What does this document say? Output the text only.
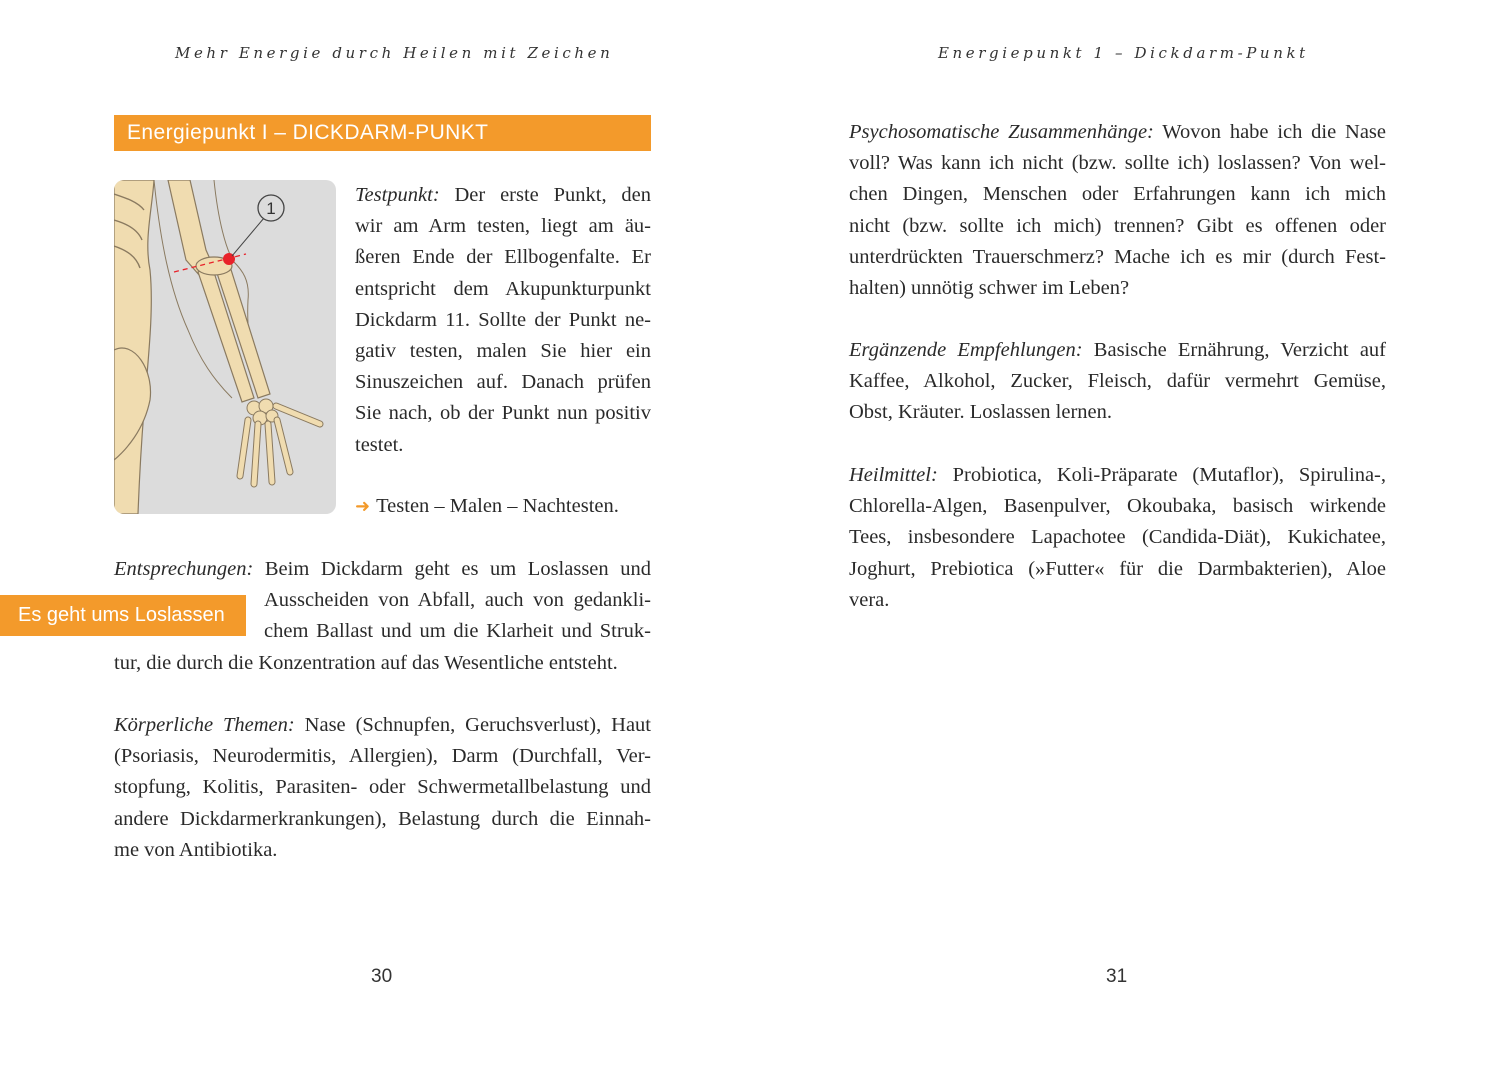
Mehr Energie durch Heilen mit Zeichen
Energiepunkt I – DICKDARM-PUNKT
1
Testpunkt: Der erste Punkt, den
wir am Arm testen, liegt am äu-
ßeren Ende der Ellbogenfalte. Er
entspricht dem Akupunkturpunkt
Dickdarm 11. Sollte der Punkt ne-
gativ testen, malen Sie hier ein
Sinuszeichen auf. Danach prüfen
Sie nach, ob der Punkt nun positiv
testet.
➜ Testen – Malen – Nachtesten.
Entsprechungen: Beim Dickdarm geht es um Loslassen und
Ausscheiden von Abfall, auch von gedankli-
chem Ballast und um die Klarheit und Struk-
tur, die durch die Konzentration auf das Wesentliche entsteht.
Es geht ums Loslassen
Körperliche Themen: Nase (Schnupfen, Geruchsverlust), Haut
(Psoriasis, Neurodermitis, Allergien), Darm (Durchfall, Ver-
stopfung, Kolitis, Parasiten- oder Schwermetallbelastung und
andere Dickdarmerkrankungen), Belastung durch die Einnah-
me von Antibiotika.
30
Energiepunkt 1 – Dickdarm-Punkt
Psychosomatische Zusammenhänge: Wovon habe ich die Nase
voll? Was kann ich nicht (bzw. sollte ich) loslassen? Von wel-
chen Dingen, Menschen oder Erfahrungen kann ich mich
nicht (bzw. sollte ich mich) trennen? Gibt es offenen oder
unterdrückten Trauerschmerz? Mache ich es mir (durch Fest-
halten) unnötig schwer im Leben?
Ergänzende Empfehlungen: Basische Ernährung, Verzicht auf
Kaffee, Alkohol, Zucker, Fleisch, dafür vermehrt Gemüse,
Obst, Kräuter. Loslassen lernen.
Heilmittel: Probiotica, Koli-Präparate (Mutaflor), Spirulina-,
Chlorella-Algen, Basenpulver, Okoubaka, basisch wirkende
Tees, insbesondere Lapachotee (Candida-Diät), Kukichatee,
Joghurt, Prebiotica (»Futter« für die Darmbakterien), Aloe
vera.
31
